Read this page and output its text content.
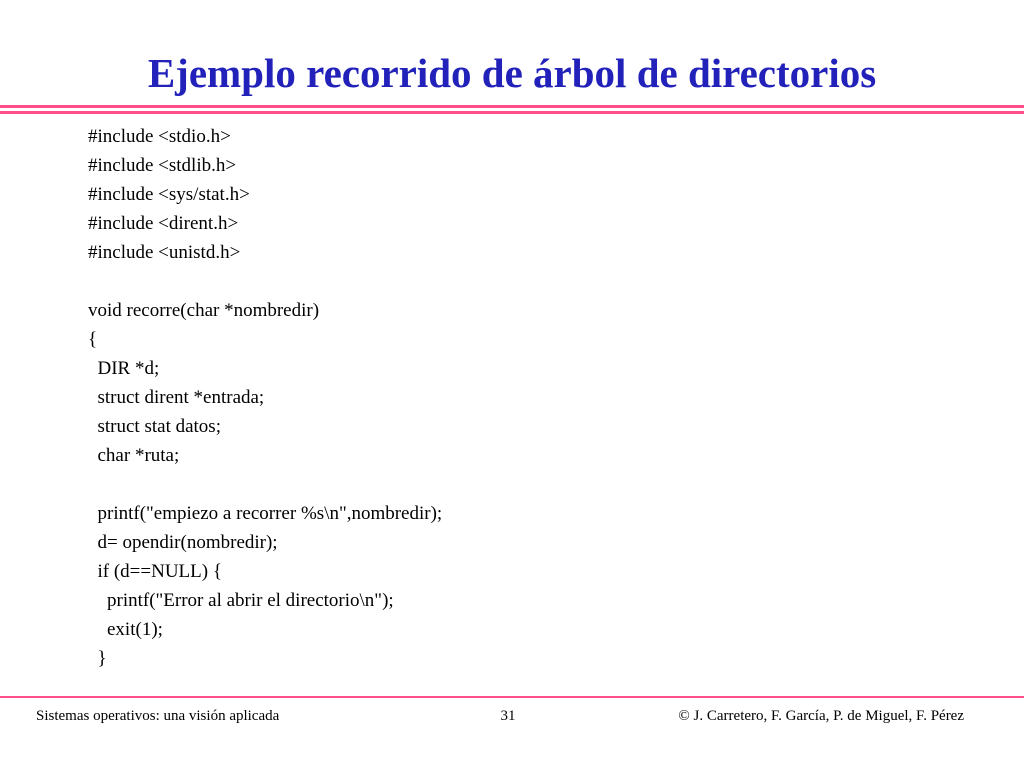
Ejemplo recorrido de árbol de directorios
#include <stdio.h>
#include <stdlib.h>
#include <sys/stat.h>
#include <dirent.h>
#include <unistd.h>
void recorre(char *nombredir)
{
DIR *d;
struct dirent *entrada;
struct stat datos;
char *ruta;
printf("empiezo a recorrer %s\n",nombredir);
d= opendir(nombredir);
if (d==NULL) {
printf("Error al abrir el directorio\n");
exit(1);
}
Sistemas operativos: una visión aplicada	31	© J. Carretero, F. García, P. de Miguel, F. Pérez
